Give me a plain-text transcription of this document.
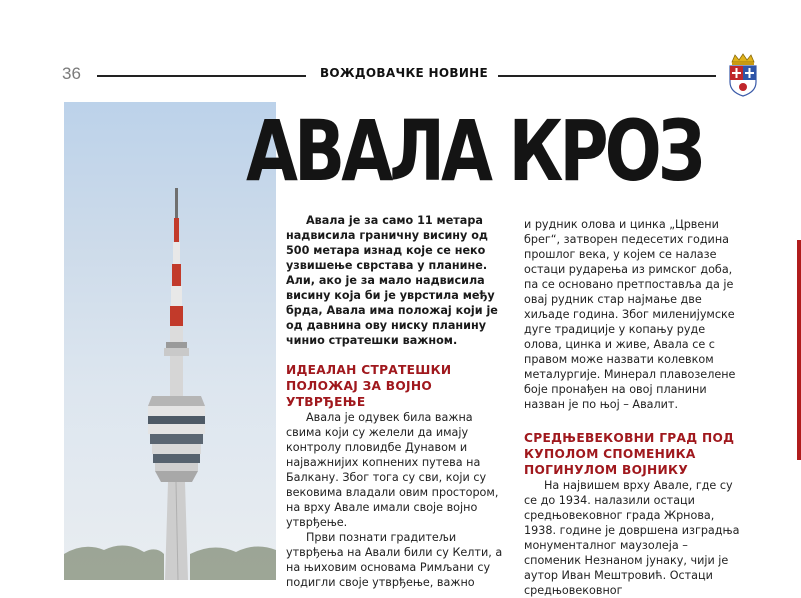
36	ВОЖДОВАЧКЕ НОВИНЕ
АВАЛА КРОЗ

Авала је за само 11 метара надвисила граничну висину од 500 метара изнад које се неко узвишење сврстава у планине. Али, ако је за мало надвисила висину која би је уврстила међу брда, Авала има положај који је од давнина ову ниску планину чинио стратешки важном.

ИДЕАЛАН СТРАТЕШКИ ПОЛОЖАЈ ЗА ВОЈНО УТВРЂЕЊЕ

Авала је одувек била важна свима који су желели да имају контролу пловидбе Дунавом и најважнијих копнених путева на Балкану. Због тога су сви, који су вековима владали овим простором, на врху Авале имали своје војно утврђење.

Први познати градитељи утврђења на Авали били су Келти, а на њиховим основама Римљани су подигли своје утврђење, важно

и рудник олова и цинка „Црвени брег“, затворен педесетих година прошлог века, у којем се налазе остаци рударења из римског доба, па се основано претпоставља да је овај рудник стар најмање две хиљаде година. Због миленијумске дуге традиције у копању руде олова, цинка и живе, Авала се с правом може назвати колевком металургије. Минерал плавозелене боје пронађен на овој планини назван је по њој – Авалит.

СРЕДЊЕВЕКОВНИ ГРАД ПОД КУПОЛОМ СПОМЕНИКА ПОГИНУЛОМ ВОЈНИКУ

На највишем врху Авале, где су се до 1934. налазили остаци средњовековног града Жрнова, 1938. године је довршена изградња монументалног маузолеја – споменик Незнаном јунаку, чији је аутор Иван Мештровић. Остаци средњовековног
